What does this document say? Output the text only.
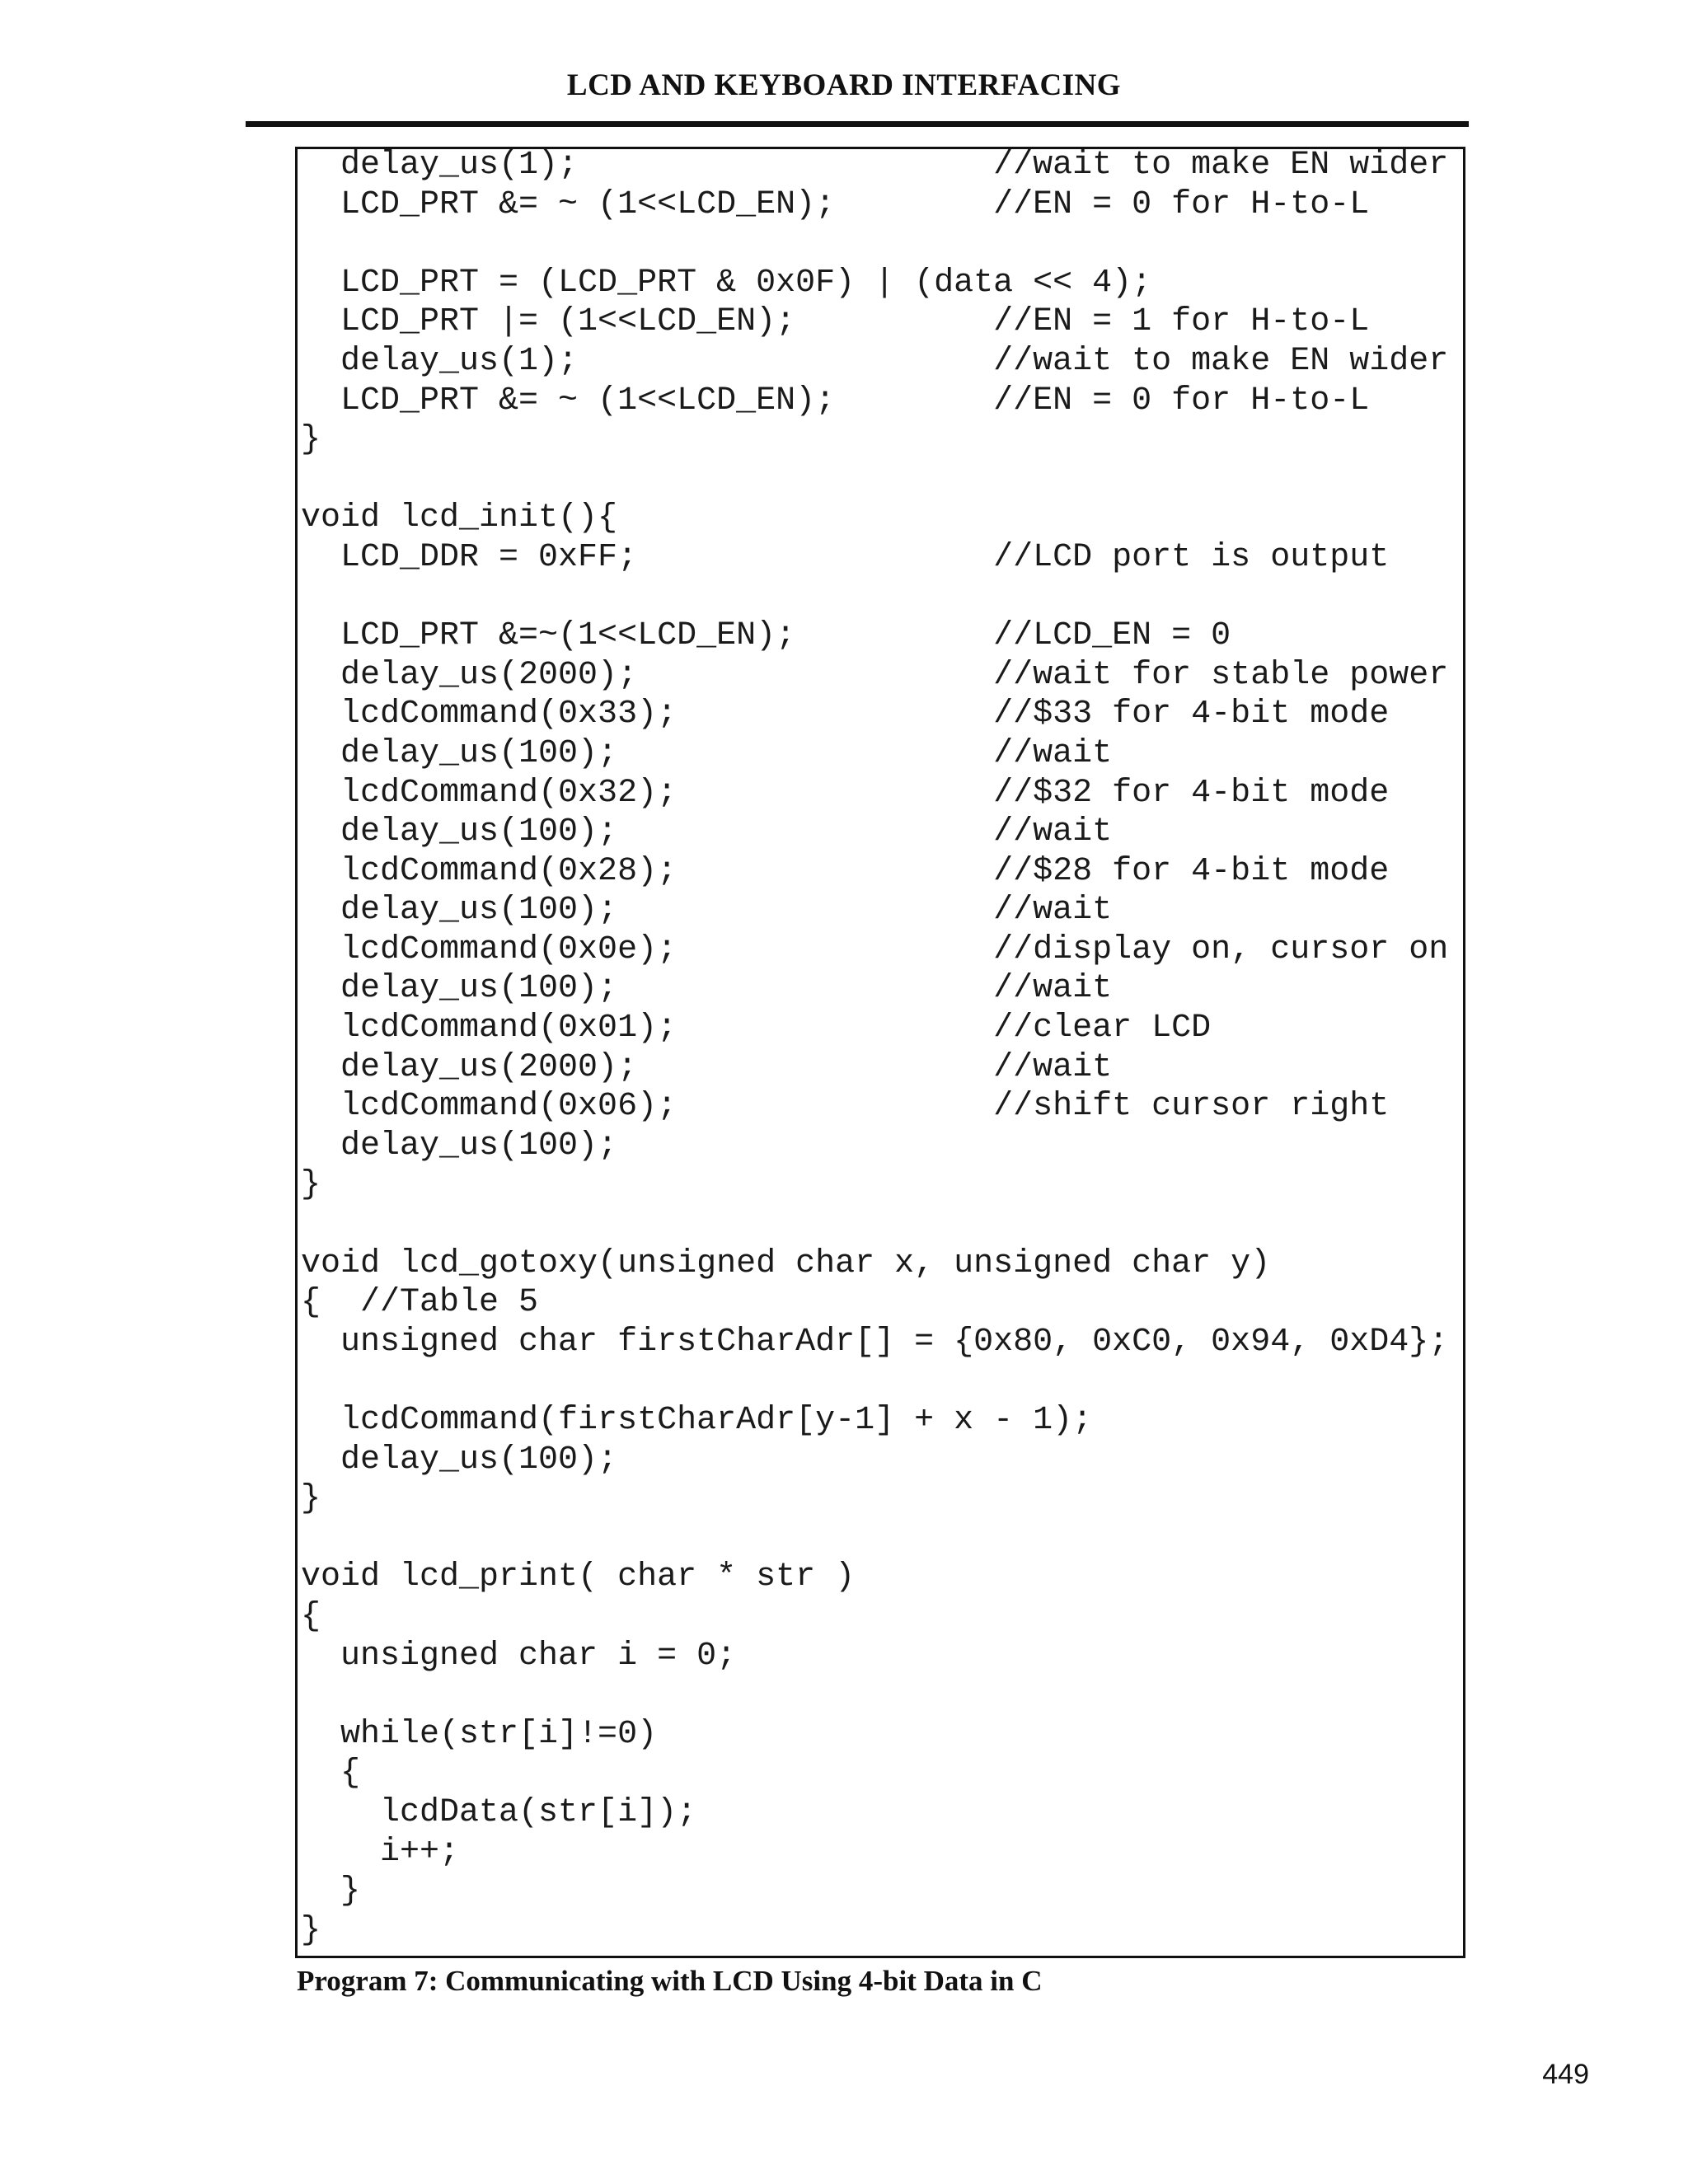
LCD AND KEYBOARD INTERFACING
delay_us(1);                     //wait to make EN wider
LCD_PRT &= ~ (1<<LCD_EN);        //EN = 0 for H-to-L
LCD_PRT = (LCD_PRT & 0x0F) | (data << 4);
LCD_PRT |= (1<<LCD_EN);          //EN = 1 for H-to-L
delay_us(1);                     //wait to make EN wider
LCD_PRT &= ~ (1<<LCD_EN);        //EN = 0 for H-to-L
}
void lcd_init(){
LCD_DDR = 0xFF;                  //LCD port is output
LCD_PRT &=~(1<<LCD_EN);          //LCD_EN = 0
delay_us(2000);                  //wait for stable power
lcdCommand(0x33);                //$33 for 4-bit mode
delay_us(100);                   //wait
lcdCommand(0x32);                //$32 for 4-bit mode
delay_us(100);                   //wait
lcdCommand(0x28);                //$28 for 4-bit mode
delay_us(100);                   //wait
lcdCommand(0x0e);                //display on, cursor on
delay_us(100);                   //wait
lcdCommand(0x01);                //clear LCD
delay_us(2000);                  //wait
lcdCommand(0x06);                //shift cursor right
delay_us(100);
}
void lcd_gotoxy(unsigned char x, unsigned char y)
{  //Table 5
unsigned char firstCharAdr[] = {0x80, 0xC0, 0x94, 0xD4};
lcdCommand(firstCharAdr[y-1] + x - 1);
delay_us(100);
}
void lcd_print( char * str )
{
unsigned char i = 0;
while(str[i]!=0)
{
lcdData(str[i]);
i++;
}
}
Program 7: Communicating with LCD Using 4-bit Data in C
449
